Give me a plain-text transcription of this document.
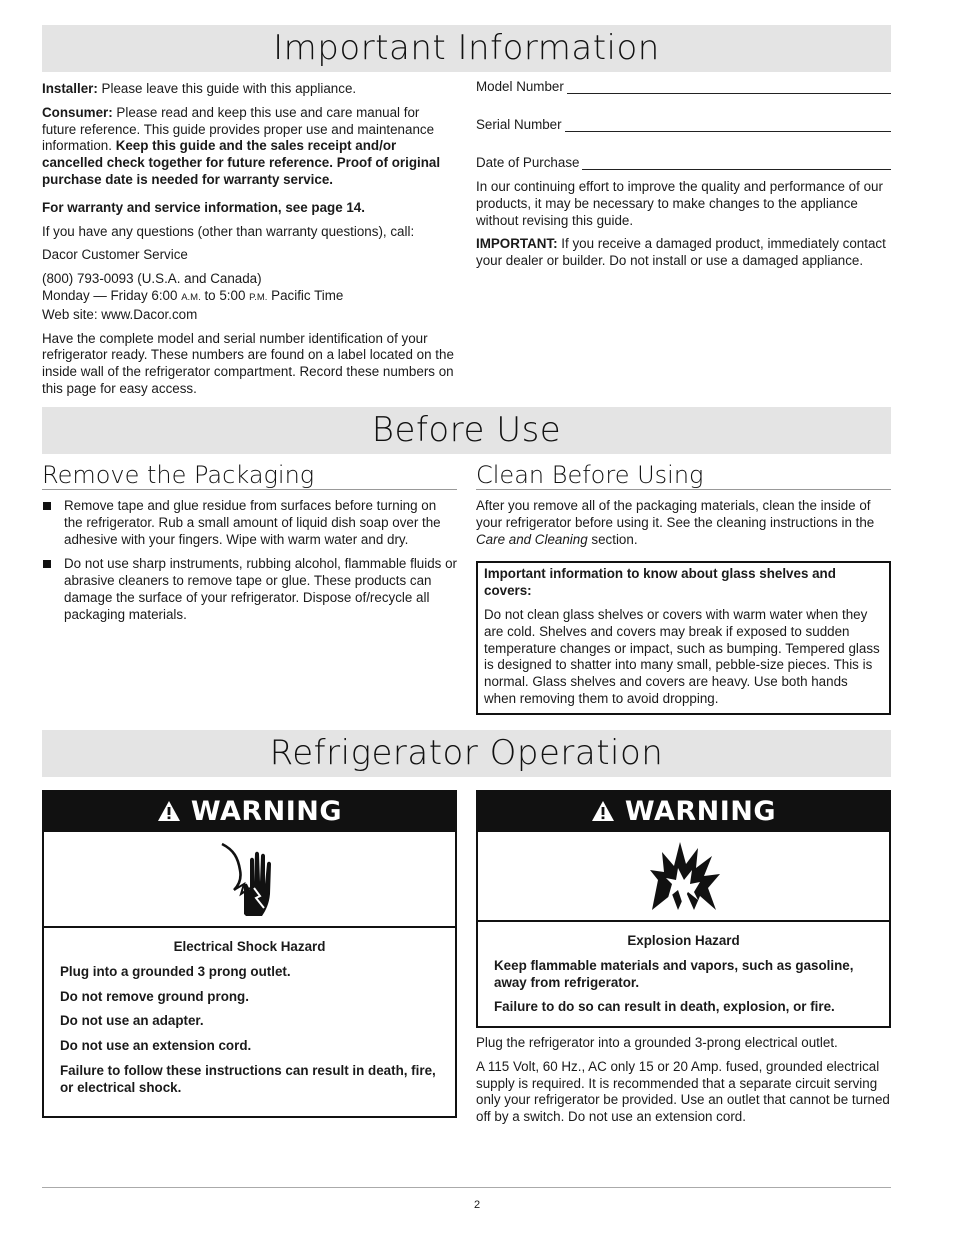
Important Information

Installer: Please leave this guide with this appliance.

Consumer: Please read and keep this use and care manual for future reference. This guide provides proper use and maintenance information. Keep this guide and the sales receipt and/or cancelled check together for future reference. Proof of original purchase date is needed for warranty service.

For warranty and service information, see page 14.

If you have any questions (other than warranty questions), call:

Dacor Customer Service

(800) 793-0093 (U.S.A. and Canada)
Monday — Friday 6:00 A.M. to 5:00 P.M. Pacific Time
Web site: www.Dacor.com

Have the complete model and serial number identification of your refrigerator ready. These numbers are found on a label located on the inside wall of the refrigerator compartment. Record these numbers on this page for easy access.

Model Number
Serial Number
Date of Purchase

In our continuing effort to improve the quality and performance of our products, it may be necessary to make changes to the appliance without revising this guide.

IMPORTANT: If you receive a damaged product, immediately contact your dealer or builder. Do not install or use a damaged appliance.

Before Use
Remove the Packaging
Remove tape and glue residue from surfaces before turning on the refrigerator. Rub a small amount of liquid dish soap over the adhesive with your fingers. Wipe with warm water and dry.
Do not use sharp instruments, rubbing alcohol, flammable fluids or abrasive cleaners to remove tape or glue. These products can damage the surface of your refrigerator. Dispose of/recycle all packaging materials.
Clean Before Using

After you remove all of the packaging materials, clean the inside of your refrigerator before using it. See the cleaning instructions in the Care and Cleaning section.

Important information to know about glass shelves and covers:

Do not clean glass shelves or covers with warm water when they are cold. Shelves and covers may break if exposed to sudden temperature changes or impact, such as bumping. Tempered glass is designed to shatter into many small, pebble-size pieces. This is normal. Glass shelves and covers are heavy. Use both hands when removing them to avoid dropping.

Refrigerator Operation
WARNING

Electrical Shock Hazard

Plug into a grounded 3 prong outlet.

Do not remove ground prong.

Do not use an adapter.

Do not use an extension cord.

Failure to follow these instructions can result in death, fire, or electrical shock.

WARNING

Explosion Hazard

Keep flammable materials and vapors, such as gasoline, away from refrigerator.

Failure to do so can result in death, explosion, or fire.

Plug the refrigerator into a grounded 3-prong electrical outlet.

A 115 Volt, 60 Hz., AC only 15 or 20 Amp. fused, grounded electrical supply is required. It is recommended that a separate circuit serving only your refrigerator be provided. Use an outlet that cannot be turned off by a switch. Do not use an extension cord.

2
